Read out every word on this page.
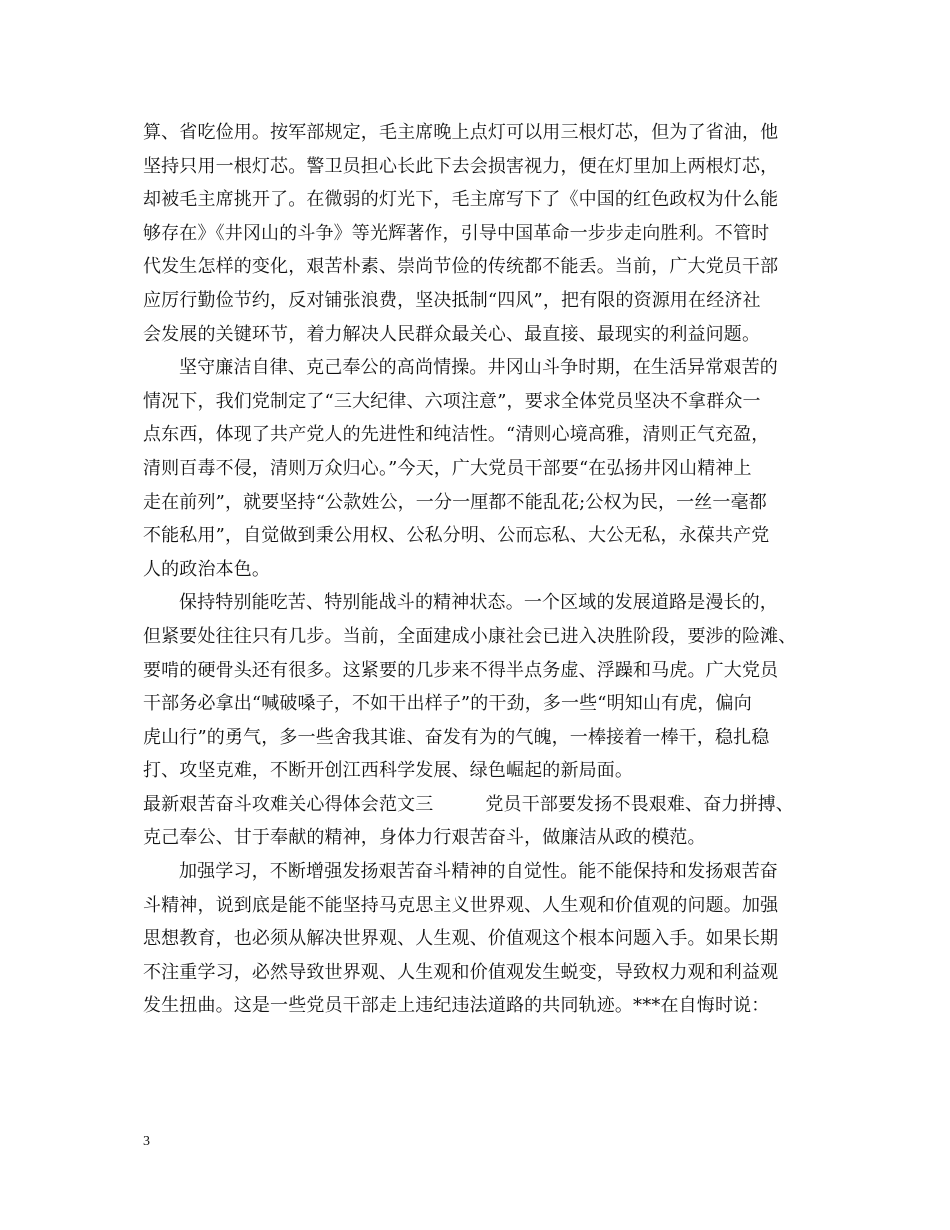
算、省吃俭用。按军部规定，毛主席晚上点灯可以用三根灯芯，但为了省油，他
坚持只用一根灯芯。警卫员担心长此下去会损害视力，便在灯里加上两根灯芯，
却被毛主席挑开了。在微弱的灯光下，毛主席写下了《中国的红色政权为什么能
够存在》《井冈山的斗争》等光辉著作，引导中国革命一步步走向胜利。不管时
代发生怎样的变化，艰苦朴素、崇尚节俭的传统都不能丢。当前，广大党员干部
应厉行勤俭节约，反对铺张浪费，坚决抵制“四风”，把有限的资源用在经济社
会发展的关键环节，着力解决人民群众最关心、最直接、最现实的利益问题。
坚守廉洁自律、克己奉公的高尚情操。井冈山斗争时期，在生活异常艰苦的
情况下，我们党制定了“三大纪律、六项注意”，要求全体党员坚决不拿群众一
点东西，体现了共产党人的先进性和纯洁性。“清则心境高雅，清则正气充盈，
清则百毒不侵，清则万众归心。”今天，广大党员干部要“在弘扬井冈山精神上
走在前列”，就要坚持“公款姓公，一分一厘都不能乱花;公权为民，一丝一毫都
不能私用”，自觉做到秉公用权、公私分明、公而忘私、大公无私，永葆共产党
人的政治本色。
保持特别能吃苦、特别能战斗的精神状态。一个区域的发展道路是漫长的，
但紧要处往往只有几步。当前，全面建成小康社会已进入决胜阶段，要涉的险滩、
要啃的硬骨头还有很多。这紧要的几步来不得半点务虚、浮躁和马虎。广大党员
干部务必拿出“喊破嗓子，不如干出样子”的干劲，多一些“明知山有虎，偏向
虎山行”的勇气，多一些舍我其谁、奋发有为的气魄，一棒接着一棒干，稳扎稳
打、攻坚克难，不断开创江西科学发展、绿色崛起的新局面。
最新艰苦奋斗攻难关心得体会范文三	党员干部要发扬不畏艰难、奋力拼搏、
克己奉公、甘于奉献的精神，身体力行艰苦奋斗，做廉洁从政的模范。
加强学习，不断增强发扬艰苦奋斗精神的自觉性。能不能保持和发扬艰苦奋
斗精神，说到底是能不能坚持马克思主义世界观、人生观和价值观的问题。加强
思想教育，也必须从解决世界观、人生观、价值观这个根本问题入手。如果长期
不注重学习，必然导致世界观、人生观和价值观发生蜕变，导致权力观和利益观
发生扭曲。这是一些党员干部走上违纪违法道路的共同轨迹。***在自悔时说：
3
